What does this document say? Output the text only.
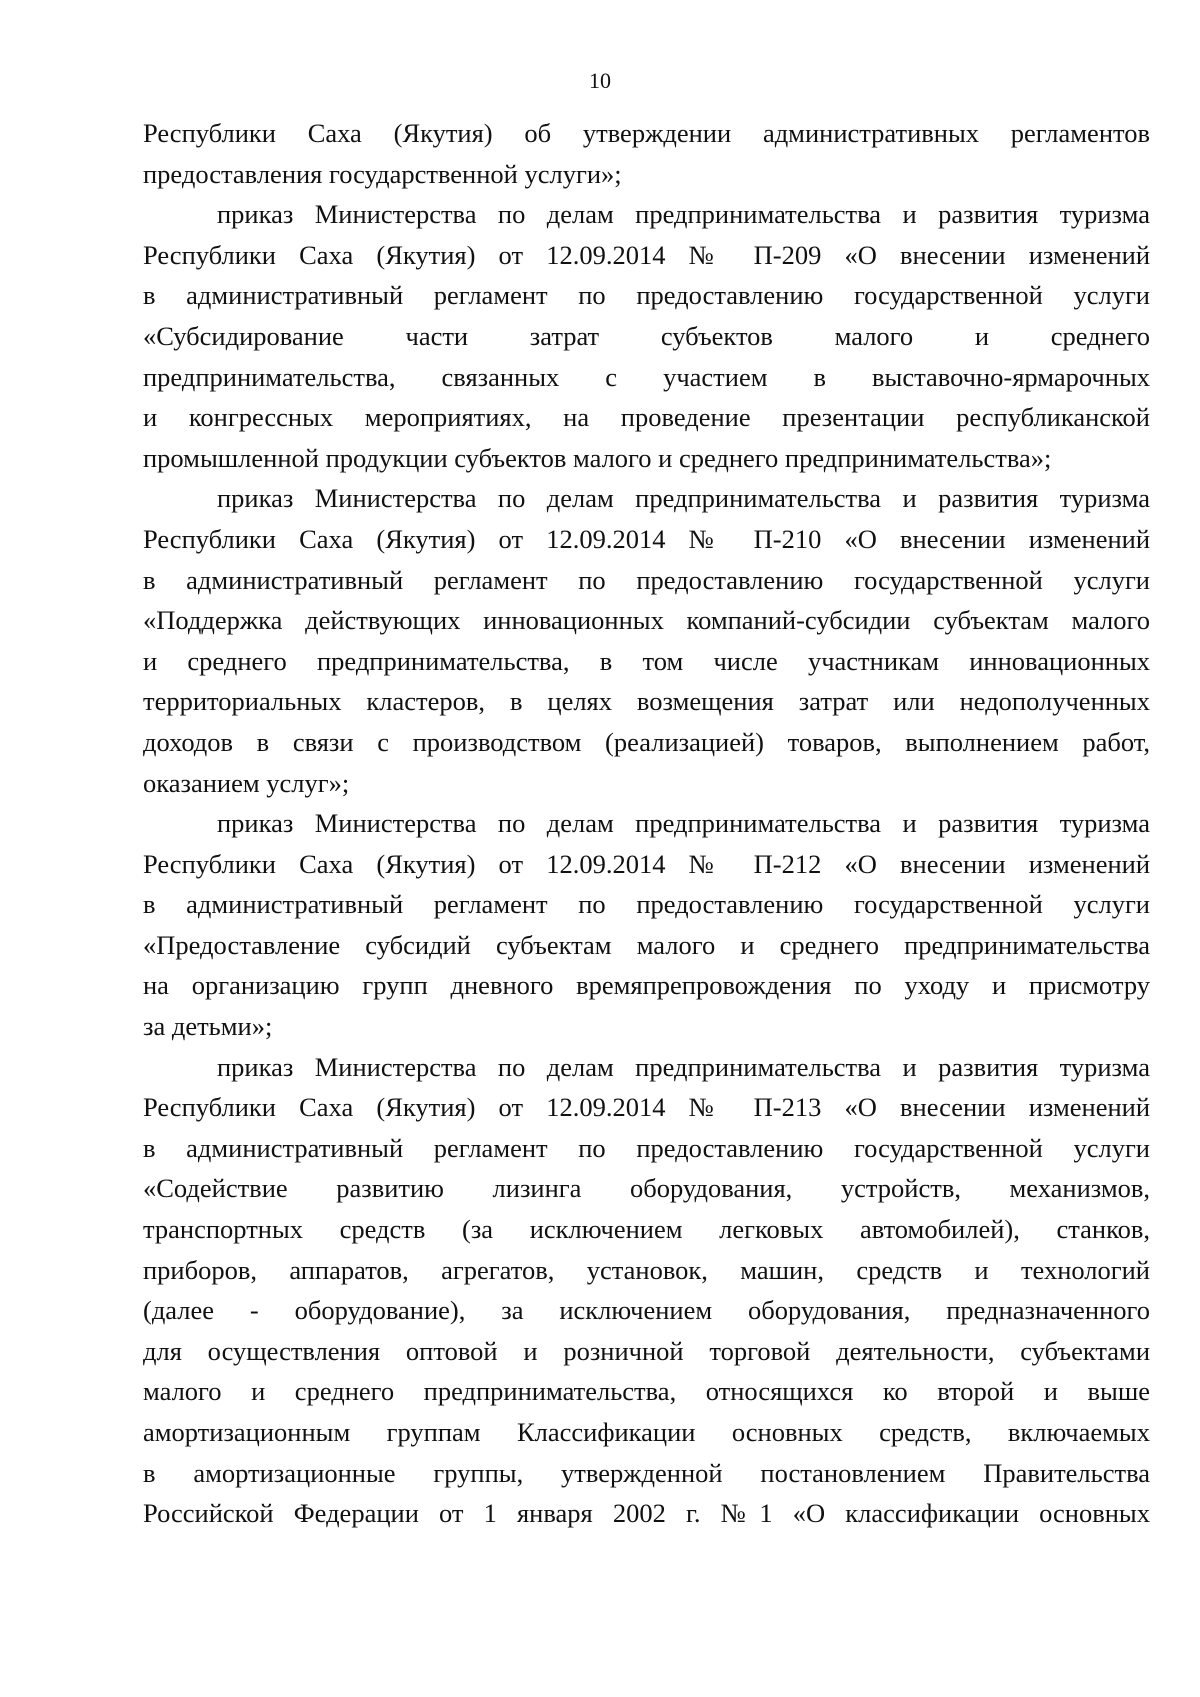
10
Республики Саха (Якутия) об утверждении административных регламентов
предоставления государственной услуги»;
приказ Министерства по делам предпринимательства и развития туризма
Республики Саха (Якутия) от 12.09.2014 № П-209 «О внесении изменений
в административный регламент по предоставлению государственной услуги
«Субсидирование части затрат субъектов малого и среднего
предпринимательства, связанных с участием в выставочно-ярмарочных
и конгрессных мероприятиях, на проведение презентации республиканской
промышленной продукции субъектов малого и среднего предпринимательства»;
приказ Министерства по делам предпринимательства и развития туризма
Республики Саха (Якутия) от 12.09.2014 № П-210 «О внесении изменений
в административный регламент по предоставлению государственной услуги
«Поддержка действующих инновационных компаний-субсидии субъектам малого
и среднего предпринимательства, в том числе участникам инновационных
территориальных кластеров, в целях возмещения затрат или недополученных
доходов в связи с производством (реализацией) товаров, выполнением работ,
оказанием услуг»;
приказ Министерства по делам предпринимательства и развития туризма
Республики Саха (Якутия) от 12.09.2014 № П-212 «О внесении изменений
в административный регламент по предоставлению государственной услуги
«Предоставление субсидий субъектам малого и среднего предпринимательства
на организацию групп дневного времяпрепровождения по уходу и присмотру
за детьми»;
приказ Министерства по делам предпринимательства и развития туризма
Республики Саха (Якутия) от 12.09.2014 № П-213 «О внесении изменений
в административный регламент по предоставлению государственной услуги
«Содействие развитию лизинга оборудования, устройств, механизмов,
транспортных средств (за исключением легковых автомобилей), станков,
приборов, аппаратов, агрегатов, установок, машин, средств и технологий
(далее - оборудование), за исключением оборудования, предназначенного
для осуществления оптовой и розничной торговой деятельности, субъектами
малого и среднего предпринимательства, относящихся ко второй и выше
амортизационным группам Классификации основных средств, включаемых
в амортизационные группы, утвержденной постановлением Правительства
Российской Федерации от 1 января 2002 г. №1 «О классификации основных
